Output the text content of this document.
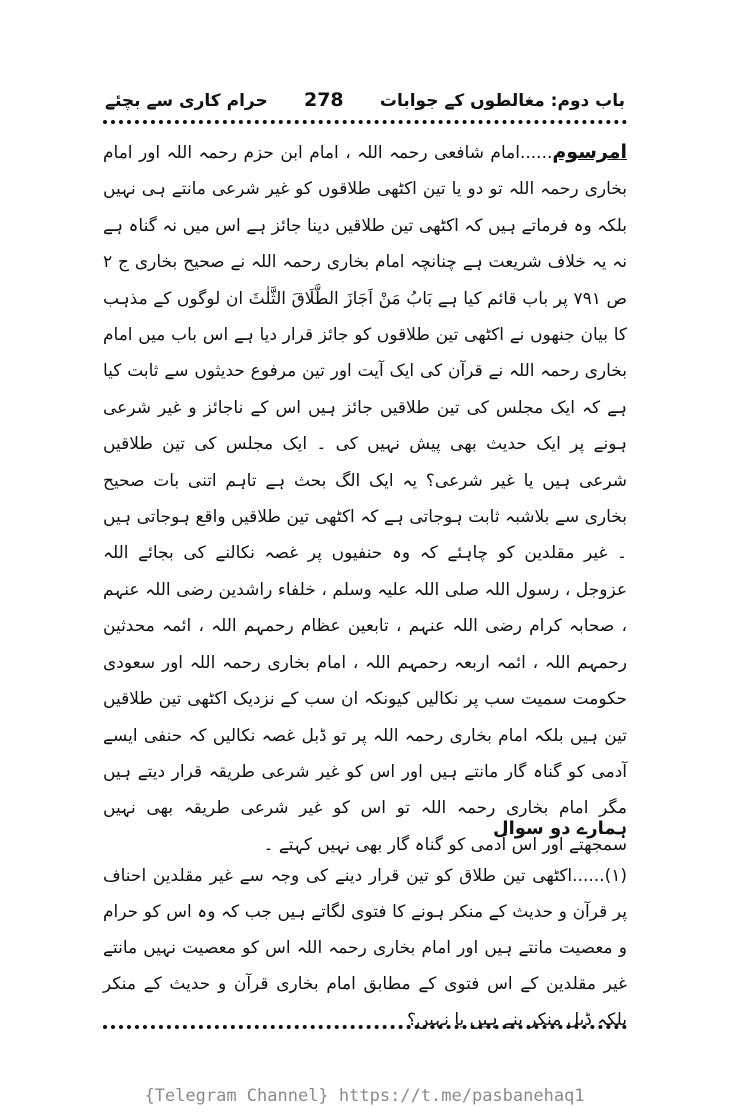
باب دوم: مغالطوں کے جوابات
278
حرام کاری سے بچئے

امرسوم......امام شافعی رحمہ اللہ ، امام ابن حزم رحمہ اللہ اور امام بخاری رحمہ اللہ تو دو یا تین اکٹھی طلاقوں کو غیر شرعی مانتے ہی نہیں بلکہ وہ فرماتے ہیں کہ اکٹھی تین طلاقیں دینا جائز ہے اس میں نہ گناہ ہے نہ یہ خلاف شریعت ہے چنانچہ امام بخاری رحمہ اللہ نے صحیح بخاری ج ۲ ص ۷۹۱ پر باب قائم کیا ہے بَابُ مَنْ اَجَازَ الطَّلَاقَ الثَّلٰثَ ان لوگوں کے مذہب کا بیان جنھوں نے اکٹھی تین طلاقوں کو جائز قرار دیا ہے اس باب میں امام بخاری رحمہ اللہ نے قرآن کی ایک آیت اور تین مرفوع حدیثوں سے ثابت کیا ہے کہ ایک مجلس کی تین طلاقیں جائز ہیں اس کے ناجائز و غیر شرعی ہونے پر ایک حدیث بھی پیش نہیں کی ۔ ایک مجلس کی تین طلاقیں شرعی ہیں یا غیر شرعی؟ یہ ایک الگ بحث ہے تاہم اتنی بات صحیح بخاری سے بلاشبہ ثابت ہوجاتی ہے کہ اکٹھی تین طلاقیں واقع ہوجاتی ہیں ۔ غیر مقلدین کو چاہئے کہ وہ حنفیوں پر غصہ نکالنے کی بجائے اللہ عزوجل ، رسول اللہ صلی اللہ علیہ وسلم ، خلفاء راشدین رضی اللہ عنہم ، صحابہ کرام رضی اللہ عنہم ، تابعین عظام رحمہم اللہ ، ائمہ محدثین رحمہم اللہ ، ائمہ اربعہ رحمہم اللہ ، امام بخاری رحمہ اللہ اور سعودی حکومت سمیت سب پر نکالیں کیونکہ ان سب کے نزدیک اکٹھی تین طلاقیں تین ہیں بلکہ امام بخاری رحمہ اللہ پر تو ڈبل غصہ نکالیں کہ حنفی ایسے آدمی کو گناہ گار مانتے ہیں اور اس کو غیر شرعی طریقہ قرار دیتے ہیں مگر امام بخاری رحمہ اللہ تو اس کو غیر شرعی طریقہ بھی نہیں سمجھتے اور اس آدمی کو گناہ گار بھی نہیں کہتے ۔

ہمارے دو سوال

(۱)......اکٹھی تین طلاق کو تین قرار دینے کی وجہ سے غیر مقلدین احناف پر قرآن و حدیث کے منکر ہونے کا فتوی لگاتے ہیں جب کہ وہ اس کو حرام و معصیت مانتے ہیں اور امام بخاری رحمہ اللہ اس کو معصیت نہیں مانتے غیر مقلدین کے اس فتوی کے مطابق امام بخاری قرآن و حدیث کے منکر بلکہ ڈبل منکر بنے ہیں یا نہیں؟

{Telegram Channel} https://t.me/pasbanehaq1
